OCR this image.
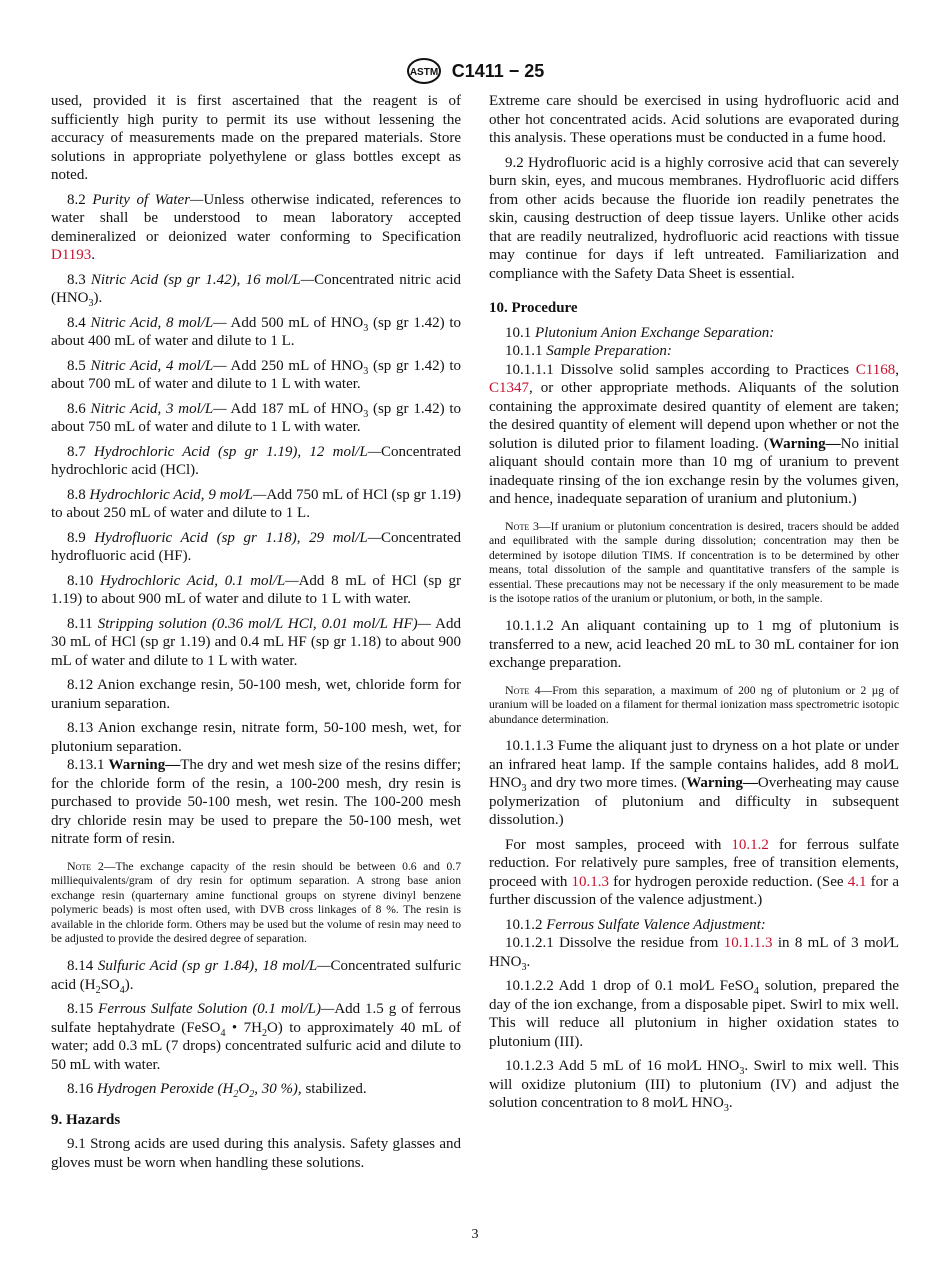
ASTM C1411 − 25

used, provided it is first ascertained that the reagent is of sufficiently high purity to permit its use without lessening the accuracy of measurements made on the prepared materials. Store solutions in appropriate polyethylene or glass bottles except as noted.

8.2 Purity of Water—Unless otherwise indicated, references to water shall be understood to mean laboratory accepted demineralized or deionized water conforming to Specification D1193.

8.3 Nitric Acid (sp gr 1.42), 16 mol/L—Concentrated nitric acid $(HNO_3)$.

8.4 Nitric Acid, 8 mol/L— Add 500 mL of $HNO_3$ (sp gr 1.42) to about 400 mL of water and dilute to 1 L.

8.5 Nitric Acid, 4 mol/L— Add 250 mL of $HNO_3$ (sp gr 1.42) to about 700 mL of water and dilute to 1 L with water.

8.6 Nitric Acid, 3 mol/L— Add 187 mL of $HNO_3$ (sp gr 1.42) to about 750 mL of water and dilute to 1 L with water.

8.7 Hydrochloric Acid (sp gr 1.19), 12 mol/L—Concentrated hydrochloric acid (HCl).

8.8 Hydrochloric Acid, 9 mol⁄L—Add 750 mL of HCl (sp gr 1.19) to about 250 mL of water and dilute to 1 L.

8.9 Hydrofluoric Acid (sp gr 1.18), 29 mol/L—Concentrated hydrofluoric acid (HF).

8.10 Hydrochloric Acid, 0.1 mol/L—Add 8 mL of HCl (sp gr 1.19) to about 900 mL of water and dilute to 1 L with water.

8.11 Stripping solution (0.36 mol/L HCl, 0.01 mol/L HF)— Add 30 mL of HCl (sp gr 1.19) and 0.4 mL HF (sp gr 1.18) to about 900 mL of water and dilute to 1 L with water.

8.12 Anion exchange resin, 50-100 mesh, wet, chloride form for uranium separation.

8.13 Anion exchange resin, nitrate form, 50-100 mesh, wet, for plutonium separation.

8.13.1 Warning—The dry and wet mesh size of the resins differ; for the chloride form of the resin, a 100-200 mesh, dry resin is purchased to provide 50-100 mesh, wet resin. The 100-200 mesh dry chloride resin may be used to prepare the 50-100 mesh, wet nitrate form of resin.

Note 2—The exchange capacity of the resin should be between 0.6 and 0.7 milliequivalents/gram of dry resin for optimum separation. A strong base anion exchange resin (quarternary amine functional groups on styrene divinyl benzene polymeric beads) is most often used, with DVB cross linkages of 8 %. The resin is available in the chloride form. Others may be used but the volume of resin may need to be adjusted to provide the desired degree of separation.

8.14 Sulfuric Acid (sp gr 1.84), 18 mol/L—Concentrated sulfuric acid $(H_2SO_4)$.

8.15 Ferrous Sulfate Solution (0.1 mol/L)—Add 1.5 g of ferrous sulfate heptahydrate (FeSO$_4$ • $7H_2O$) to approximately 40 mL of water; add 0.3 mL (7 drops) concentrated sulfuric acid and dilute to 50 mL with water.

8.16 Hydrogen Peroxide ($H_2O_2$, 30 %), stabilized.

9. Hazards

9.1 Strong acids are used during this analysis. Safety glasses and gloves must be worn when handling these solutions.

Extreme care should be exercised in using hydrofluoric acid and other hot concentrated acids. Acid solutions are evaporated during this analysis. These operations must be conducted in a fume hood.

9.2 Hydrofluoric acid is a highly corrosive acid that can severely burn skin, eyes, and mucous membranes. Hydrofluoric acid differs from other acids because the fluoride ion readily penetrates the skin, causing destruction of deep tissue layers. Unlike other acids that are readily neutralized, hydrofluoric acid reactions with tissue may continue for days if left untreated. Familiarization and compliance with the Safety Data Sheet is essential.

10. Procedure

10.1 Plutonium Anion Exchange Separation:

10.1.1 Sample Preparation:

10.1.1.1 Dissolve solid samples according to Practices C1168, C1347, or other appropriate methods. Aliquants of the solution containing the approximate desired quantity of element are taken; the desired quantity of element will depend upon whether or not the solution is diluted prior to filament loading. (Warning—No initial aliquant should contain more than 10 mg of uranium to prevent inadequate rinsing of the ion exchange resin by the volumes given, and hence, inadequate separation of uranium and plutonium.)

Note 3—If uranium or plutonium concentration is desired, tracers should be added and equilibrated with the sample during dissolution; concentration may then be determined by isotope dilution TIMS. If concentration is to be determined by other means, total dissolution of the sample and quantitative transfers of the sample is essential. These precautions may not be necessary if the only measurement to be made is the isotope ratios of the uranium or plutonium, or both, in the sample.

10.1.1.2 An aliquant containing up to 1 mg of plutonium is transferred to a new, acid leached 20 mL to 30 mL container for ion exchange preparation.

Note 4—From this separation, a maximum of 200 ng of plutonium or 2 µg of uranium will be loaded on a filament for thermal ionization mass spectrometric isotopic abundance determination.

10.1.1.3 Fume the aliquant just to dryness on a hot plate or under an infrared heat lamp. If the sample contains halides, add 8 mol⁄L $HNO_3$ and dry two more times. (Warning—Overheating may cause polymerization of plutonium and difficulty in subsequent dissolution.)

For most samples, proceed with 10.1.2 for ferrous sulfate reduction. For relatively pure samples, free of transition elements, proceed with 10.1.3 for hydrogen peroxide reduction. (See 4.1 for a further discussion of the valence adjustment.)

10.1.2 Ferrous Sulfate Valence Adjustment:

10.1.2.1 Dissolve the residue from 10.1.1.3 in 8 mL of 3 mol⁄L $HNO_3$.

10.1.2.2 Add 1 drop of 0.1 mol⁄L FeSO$_4$ solution, prepared the day of the ion exchange, from a disposable pipet. Swirl to mix well. This will reduce all plutonium in higher oxidation states to plutonium (III).

10.1.2.3 Add 5 mL of 16 mol⁄L $HNO_3$. Swirl to mix well. This will oxidize plutonium (III) to plutonium (IV) and adjust the solution concentration to 8 mol⁄L $HNO_3$.

3
